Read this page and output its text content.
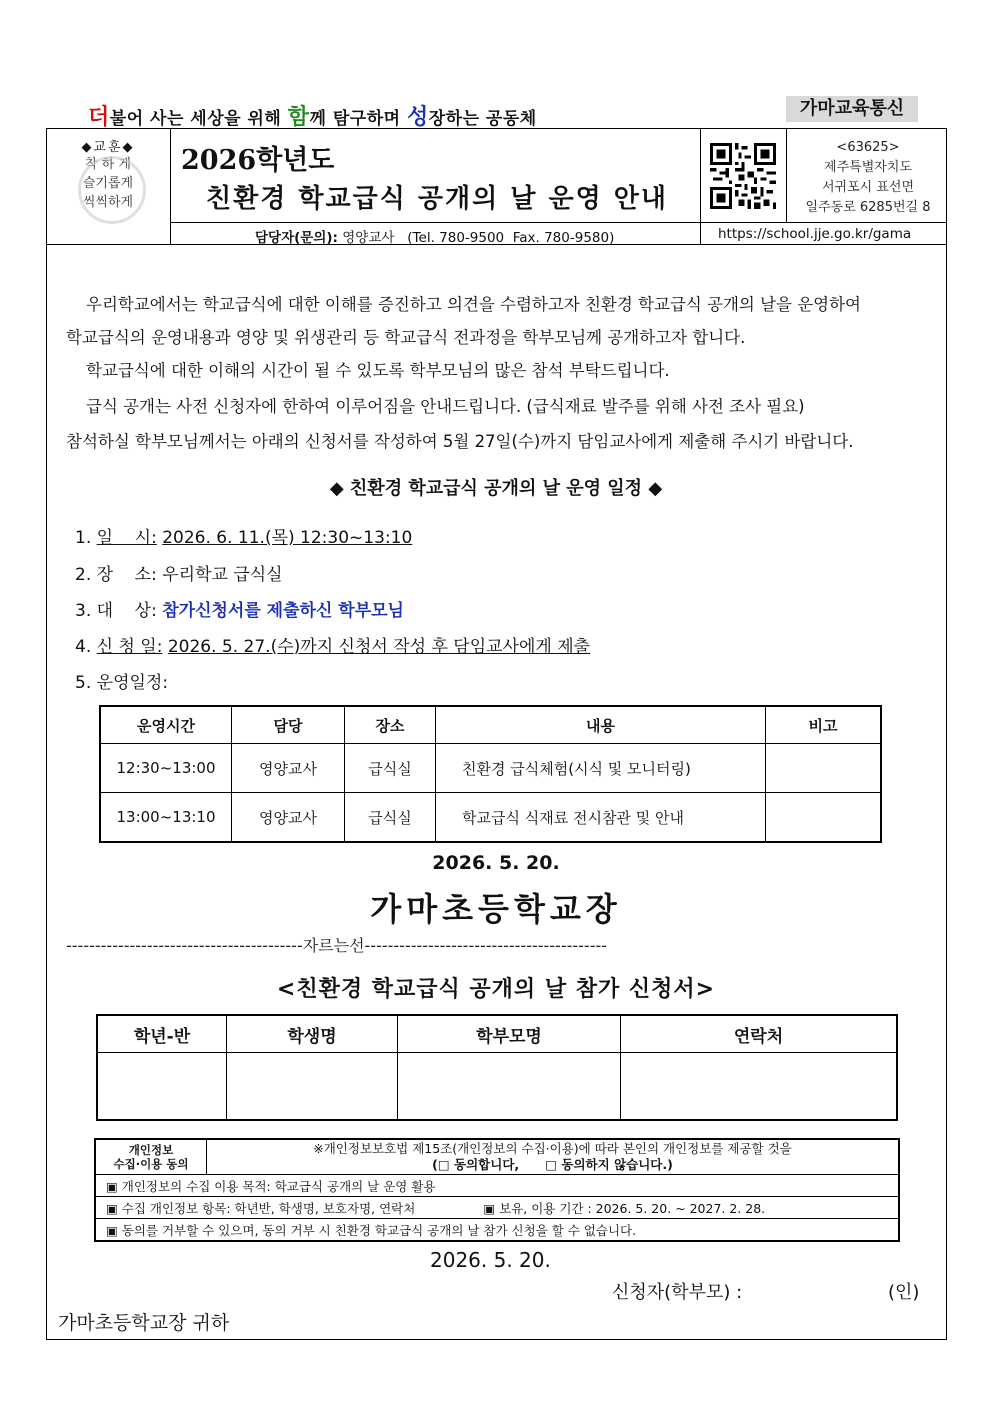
더불어 사는 세상을 위해 함께 탐구하며 성장하는 공동체	가마교육통신
◆교훈◆
착 하 게
슬기롭게
씩씩하게
2026학년도
친환경 학교급식 공개의 날 운영 안내
<63625>
제주특별자치도
서귀포시 표선면
일주동로 6285번길 8
담당자(문의): 영양교사   (Tel. 780-9500  Fax. 780-9580)	https://school.jje.go.kr/gama
우리학교에서는 학교급식에 대한 이해를 증진하고 의견을 수렴하고자 친환경 학교급식 공개의 날을 운영하여
학교급식의 운영내용과 영양 및 위생관리 등 학교급식 전과정을 학부모님께 공개하고자 합니다.
학교급식에 대한 이해의 시간이 될 수 있도록 학부모님의 많은 참석 부탁드립니다.
급식 공개는 사전 신청자에 한하여 이루어짐을 안내드립니다. (급식재료 발주를 위해 사전 조사 필요)
참석하실 학부모님께서는 아래의 신청서를 작성하여 5월 27일(수)까지 담임교사에게 제출해 주시기 바랍니다.
◆ 친환경 학교급식 공개의 날 운영 일정 ◆
1. 일    시: 2026. 6. 11.(목) 12:30~13:10
2. 장    소: 우리학교 급식실
3. 대    상: 참가신청서를 제출하신 학부모님
4. 신 청 일: 2026. 5. 27.(수)까지 신청서 작성 후 담임교사에게 제출
5. 운영일정:
운영시간	담당	장소	내용	비고
12:30~13:00	영양교사	급식실	친환경 급식체험(시식 및 모니터링)	
13:00~13:10	영양교사	급식실	학교급식 식재료 전시참관 및 안내	
2026. 5. 20.
가마초등학교장
-----------------------------------------자르는선------------------------------------------
<친환경 학교급식 공개의 날 참가 신청서>
학년-반	학생명	학부모명	연락처

개인정보
수집·이용 동의

※개인정보보호법 제15조(개인정보의 수집·이용)에 따라 본인의 개인정보를 제공할 것을
(□ 동의합니다,      □ 동의하지 않습니다.)

▣ 개인정보의 수집 이용 목적: 학교급식 공개의 날 운영 활용
▣ 수집 개인정보 항목: 학년반, 학생명, 보호자명, 연락처	▣ 보유, 이용 기간 : 2026. 5. 20. ~ 2027. 2. 28.
▣ 동의를 거부할 수 있으며, 동의 거부 시 친환경 학교급식 공개의 날 참가 신청을 할 수 없습니다.
2026. 5. 20.
신청자(학부모) :	(인)
가마초등학교장 귀하
